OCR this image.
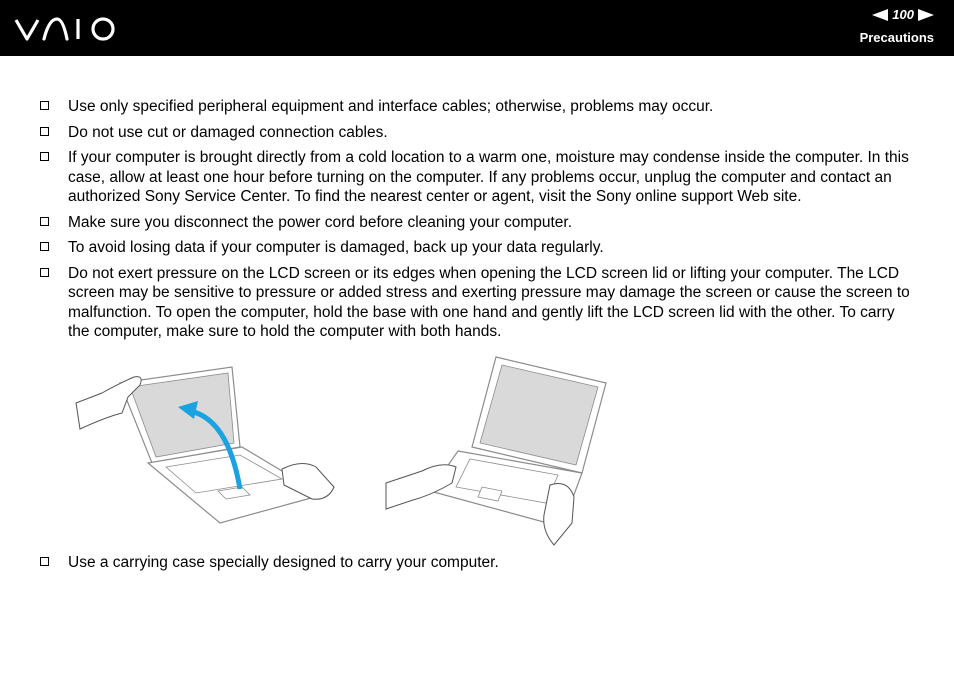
100
Precautions
Use only specified peripheral equipment and interface cables; otherwise, problems may occur.
Do not use cut or damaged connection cables.
If your computer is brought directly from a cold location to a warm one, moisture may condense inside the computer. In this case, allow at least one hour before turning on the computer. If any problems occur, unplug the computer and contact an authorized Sony Service Center. To find the nearest center or agent, visit the Sony online support Web site.
Make sure you disconnect the power cord before cleaning your computer.
To avoid losing data if your computer is damaged, back up your data regularly.
Do not exert pressure on the LCD screen or its edges when opening the LCD screen lid or lifting your computer. The LCD screen may be sensitive to pressure or added stress and exerting pressure may damage the screen or cause the screen to malfunction. To open the computer, hold the base with one hand and gently lift the LCD screen lid with the other. To carry the computer, make sure to hold the computer with both hands.
Use a carrying case specially designed to carry your computer.
